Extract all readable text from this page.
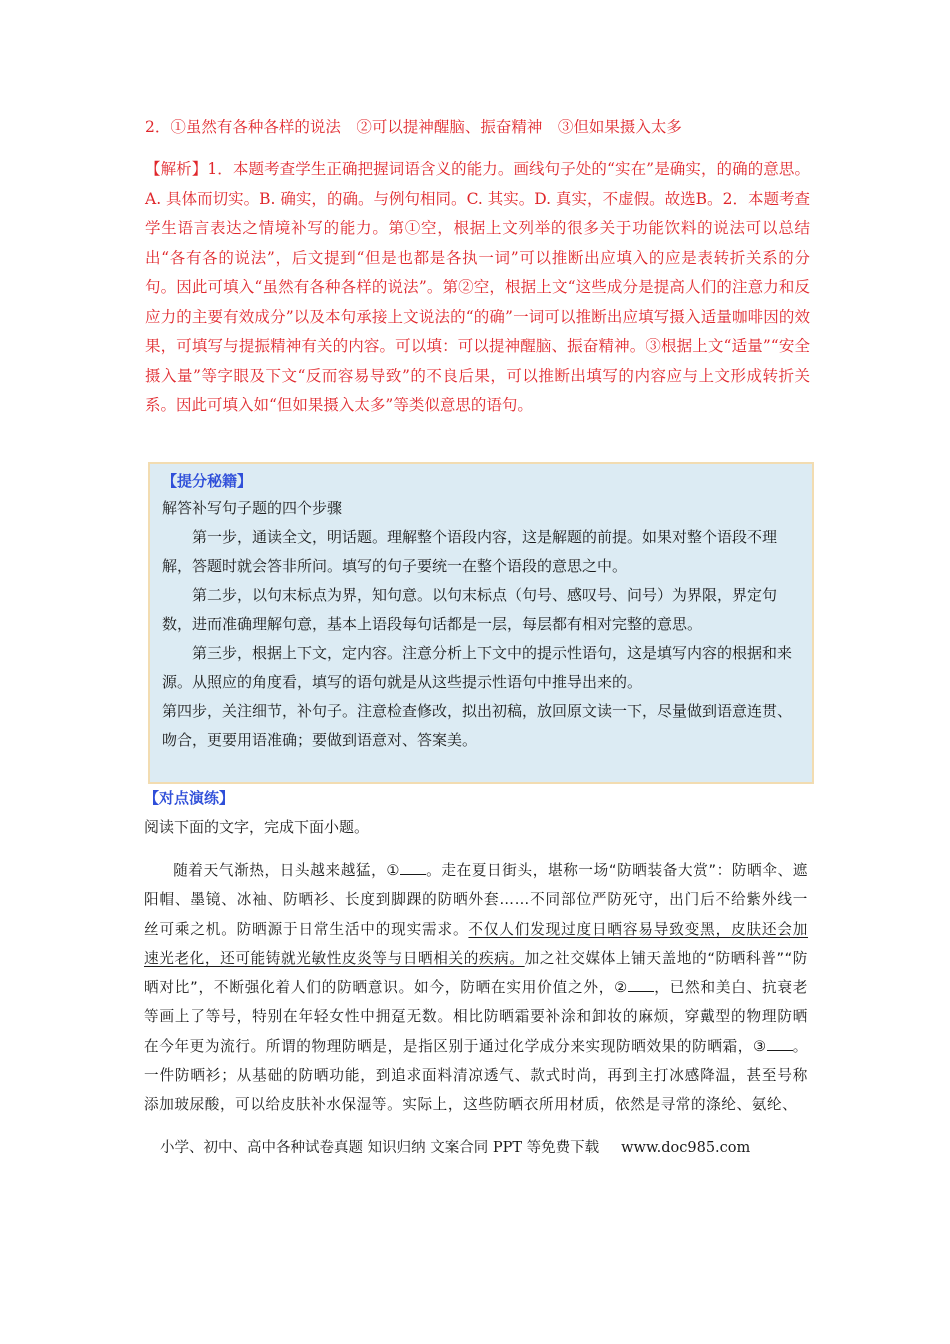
2．①虽然有各种各样的说法　②可以提神醒脑、振奋精神　③但如果摄入太多
【解析】1．本题考查学生正确把握词语含义的能力。画线句子处的“实在”是确实，的确的意思。A. 具体而切实。B. 确实，的确。与例句相同。C. 其实。D. 真实，不虚假。故选B。2．本题考查学生语言表达之情境补写的能力。第①空，根据上文列举的很多关于功能饮料的说法可以总结出“各有各的说法”，后文提到“但是也都是各执一词”可以推断出应填入的应是表转折关系的分句。因此可填入“虽然有各种各样的说法”。第②空，根据上文“这些成分是提高人们的注意力和反应力的主要有效成分”以及本句承接上文说法的“的确”一词可以推断出应填写摄入适量咖啡因的效果，可填写与提振精神有关的内容。可以填：可以提神醒脑、振奋精神。③根据上文“适量”“安全摄入量”等字眼及下文“反而容易导致”的不良后果，可以推断出填写的内容应与上文形成转折关系。因此可填入如“但如果摄入太多”等类似意思的语句。
【提分秘籍】
解答补写句子题的四个步骤
第一步，通读全文，明话题。理解整个语段内容，这是解题的前提。如果对整个语段不理解，答题时就会答非所问。填写的句子要统一在整个语段的意思之中。
第二步，以句末标点为界，知句意。以句末标点（句号、感叹号、问号）为界限，界定句数，进而准确理解句意，基本上语段每句话都是一层，每层都有相对完整的意思。
第三步，根据上下文，定内容。注意分析上下文中的提示性语句，这是填写内容的根据和来源。从照应的角度看，填写的语句就是从这些提示性语句中推导出来的。
第四步，关注细节，补句子。注意检查修改，拟出初稿，放回原文读一下，尽量做到语意连贯、吻合，更要用语准确；要做到语意对、答案美。
【对点演练】
阅读下面的文字，完成下面小题。
随着天气渐热，日头越来越猛，① 。走在夏日街头，堪称一场“防晒装备大赏”：防晒伞、遮阳帽、墨镜、冰袖、防晒衫、长度到脚踝的防晒外套……不同部位严防死守，出门后不给紫外线一丝可乘之机。防晒源于日常生活中的现实需求。不仅人们发现过度日晒容易导致变黑，皮肤还会加速光老化，还可能铸就光敏性皮炎等与日晒相关的疾病。加之社交媒体上铺天盖地的“防晒科普”“防晒对比”，不断强化着人们的防晒意识。如今，防晒在实用价值之外，② ，已然和美白、抗衰老等画上了等号，特别在年轻女性中拥趸无数。相比防晒霜要补涂和卸妆的麻烦，穿戴型的物理防晒在今年更为流行。所谓的物理防晒是，是指区别于通过化学成分来实现防晒效果的防晒霜，③ 。一件防晒衫；从基础的防晒功能，到追求面料清凉透气、款式时尚，再到主打冰感降温，甚至号称添加玻尿酸，可以给皮肤补水保湿等。实际上，这些防晒衣所用材质，依然是寻常的涤纶、氨纶、
小学、初中、高中各种试卷真题 知识归纳 文案合同 PPT 等免费下载 www.doc985.com
